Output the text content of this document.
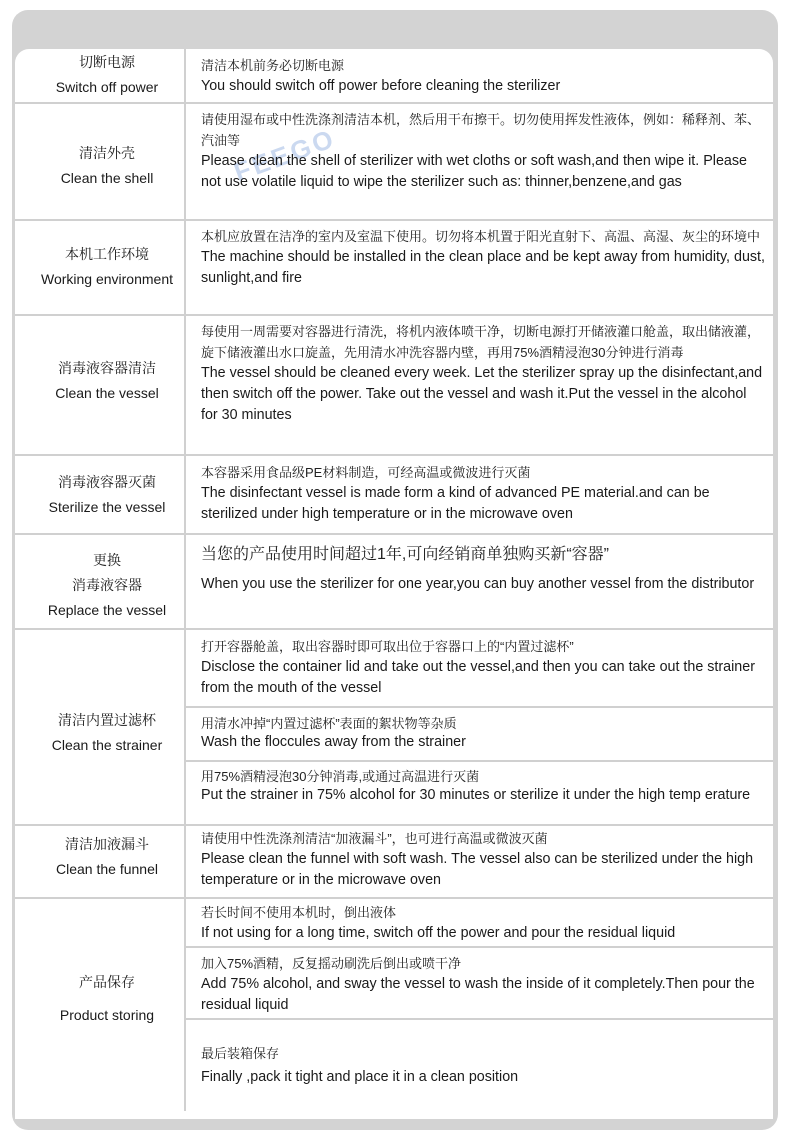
FEEGO
切断电源
Switch off power
清洁本机前务必切断电源
You should switch off power before cleaning the sterilizer
清洁外壳
Clean the shell
请使用湿布或中性洗涤剂清洁本机，然后用干布擦干。切勿使用挥发性液体，例如：稀释剂、苯、汽油等
Please clean the shell of sterilizer with wet cloths or soft wash,and then wipe it. Please not use volatile liquid to wipe the sterilizer such as: thinner,benzene,and gas
本机工作环境
Working environment
本机应放置在洁净的室内及室温下使用。切勿将本机置于阳光直射下、高温、高湿、灰尘的环境中
The machine should be installed in the clean place and be kept away from humidity, dust, sunlight,and fire
消毒液容器清洁
Clean the vessel
每使用一周需要对容器进行清洗，将机内液体喷干净，切断电源打开储液灌口舱盖，取出储液灌，旋下储液灌出水口旋盖，先用清水冲洗容器内壁，再用75%酒精浸泡30分钟进行消毒
The vessel should be cleaned every week. Let the sterilizer spray up the disinfectant,and then switch off the power. Take out the vessel and wash it.Put the vessel in the alcohol for 30 minutes
消毒液容器灭菌
Sterilize the vessel
本容器采用食品级PE材料制造，可经高温或微波进行灭菌
The disinfectant vessel is made form a kind of advanced PE material.and can be sterilized under high temperature or in the microwave oven
更换
消毒液容器
Replace the vessel
当您的产品使用时间超过1年,可向经销商单独购买新“容器”
When you use the sterilizer for one year,you can buy another vessel from the distributor
清洁内置过滤杯
Clean the strainer
打开容器舱盖，取出容器时即可取出位于容器口上的“内置过滤杯”
Disclose the container lid and take out the vessel,and then you can take out the strainer from the mouth of the vessel
用清水冲掉“内置过滤杯”表面的絮状物等杂质
Wash the floccules away from the strainer
用75%酒精浸泡30分钟消毒,或通过高温进行灭菌
Put the strainer in 75% alcohol for 30 minutes or sterilize it under the high temp erature
清洁加液漏斗
Clean the funnel
请使用中性洗涤剂清洁“加液漏斗”，也可进行高温或微波灭菌
Please clean the funnel with soft wash. The vessel also can be sterilized under the high temperature or in the microwave oven
产品保存
Product storing
若长时间不使用本机时，倒出液体
If not using for a long time, switch off the power and pour the residual liquid
加入75%酒精，反复摇动刷洗后倒出或喷干净
Add 75% alcohol, and sway the vessel to wash the inside of it completely.Then pour the residual liquid
最后装箱保存
Finally ,pack it tight and place it in a clean position
